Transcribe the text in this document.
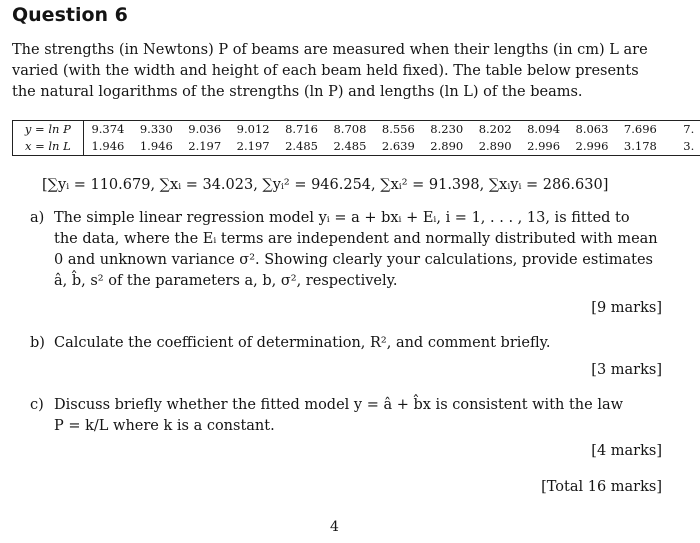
Question 6
The strengths (in Newtons) P of beams are measured when their lengths (in cm) L are
varied (with the width and height of each beam held fixed). The table below presents
the natural logarithms of the strengths (ln P) and lengths (ln L) of the beams.
y = ln P	9.374	9.330	9.036	9.012	8.716	8.708	8.556	8.230	8.202	8.094	8.063	7.696	7.
x = ln L	1.946	1.946	2.197	2.197	2.485	2.485	2.639	2.890	2.890	2.996	2.996	3.178	3.
[∑yᵢ = 110.679, ∑xᵢ = 34.023, ∑yᵢ² = 946.254, ∑xᵢ² = 91.398, ∑xᵢyᵢ = 286.630]
a) The simple linear regression model yᵢ = a + bxᵢ + Eᵢ, i = 1, . . . , 13, is fitted to
the data, where the Eᵢ terms are independent and normally distributed with mean
0 and unknown variance σ². Showing clearly your calculations, provide estimates
â, b̂, s² of the parameters a, b, σ², respectively.
[9 marks]
b) Calculate the coefficient of determination, R², and comment briefly.
[3 marks]
c) Discuss briefly whether the fitted model y = â + b̂x is consistent with the law
P = k/L where k is a constant.
[4 marks]
[Total 16 marks]
4
